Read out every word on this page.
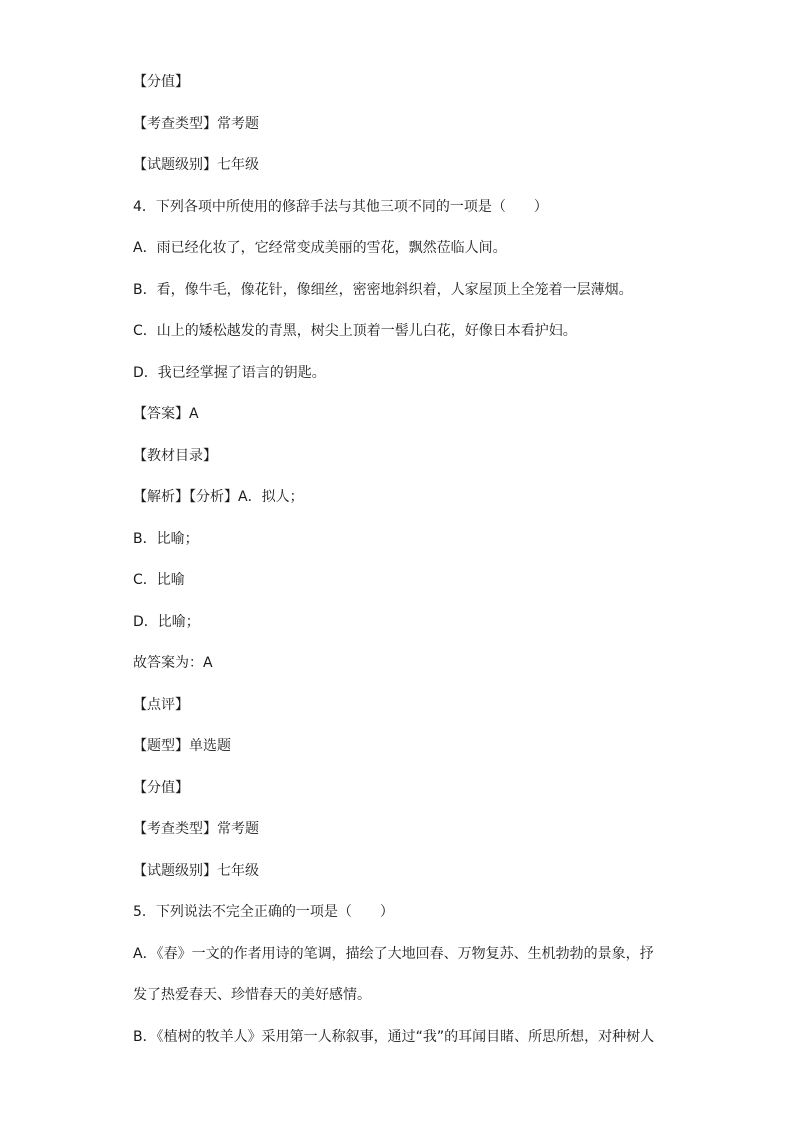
【分值】
【考查类型】常考题
【试题级别】七年级
4．下列各项中所使用的修辞手法与其他三项不同的一项是（　　）
A．雨已经化妆了，它经常变成美丽的雪花，飘然莅临人间。
B．看，像牛毛，像花针，像细丝，密密地斜织着，人家屋顶上全笼着一层薄烟。
C．山上的矮松越发的青黑，树尖上顶着一髻儿白花，好像日本看护妇。
D．我已经掌握了语言的钥匙。
【答案】A
【教材目录】
【解析】【分析】A．拟人；
B．比喻；
C．比喻
D．比喻；
故答案为：A
【点评】
【题型】单选题
【分值】
【考查类型】常考题
【试题级别】七年级
5．下列说法不完全正确的一项是（　　）
A．《春》一文的作者用诗的笔调，描绘了大地回春、万物复苏、生机勃勃的景象，抒
发了热爱春天、珍惜春天的美好感情。
B．《植树的牧羊人》采用第一人称叙事，通过“我”的耳闻目睹、所思所想，对种树人
